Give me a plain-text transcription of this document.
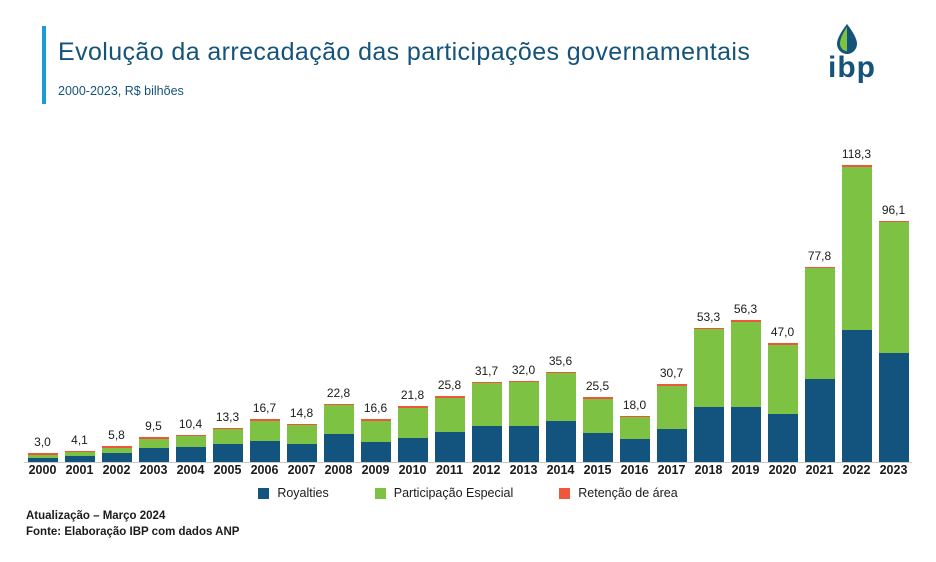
Evolução da arrecadação das participações governamentais
2000-2023, R$ bilhões
ibp
3,0	4,1	5,8
9,5	10,4
13,3
16,7	14,8
22,8
16,6
21,8
25,8
31,7	32,0
35,6
25,5
18,0
30,7
53,3
56,3
47,0
77,8
118,3
96,1
2000 2001 2002 2003 2004 2005 2006 2007 2008 2009 2010 2011 2012 2013 2014 2015 2016 2017 2018 2019 2020 2021 2022 2023
Royalties	Participação Especial	Retenção de área
Atualização – Março 2024
Fonte: Elaboração IBP com dados ANP
